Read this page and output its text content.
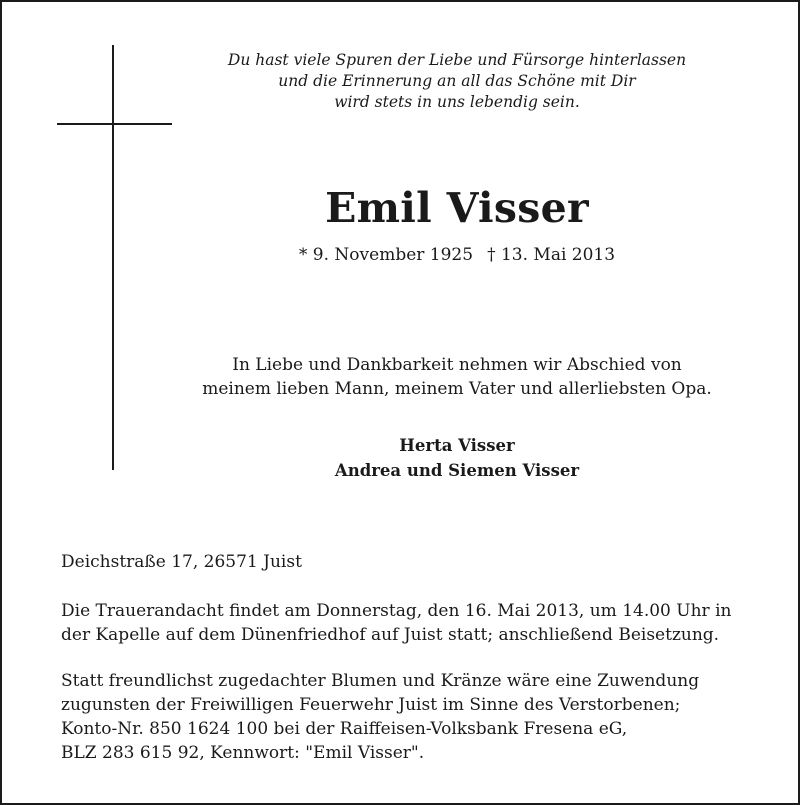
Du hast viele Spuren der Liebe und Fürsorge hinterlassen
und die Erinnerung an all das Schöne mit Dir
wird stets in uns lebendig sein.
Emil Visser
* 9. November 1925 † 13. Mai 2013
In Liebe und Dankbarkeit nehmen wir Abschied von
meinem lieben Mann, meinem Vater und allerliebsten Opa.
Herta Visser
Andrea und Siemen Visser
Deichstraße 17, 26571 Juist
Die Trauerandacht findet am Donnerstag, den 16. Mai 2013, um 14.00 Uhr in
der Kapelle auf dem Dünenfriedhof auf Juist statt; anschließend Beisetzung.
Statt freundlichst zugedachter Blumen und Kränze wäre eine Zuwendung
zugunsten der Freiwilligen Feuerwehr Juist im Sinne des Verstorbenen;
Konto-Nr. 850 1624 100 bei der Raiffeisen-Volksbank Fresena eG,
BLZ 283 615 92, Kennwort: "Emil Visser".
